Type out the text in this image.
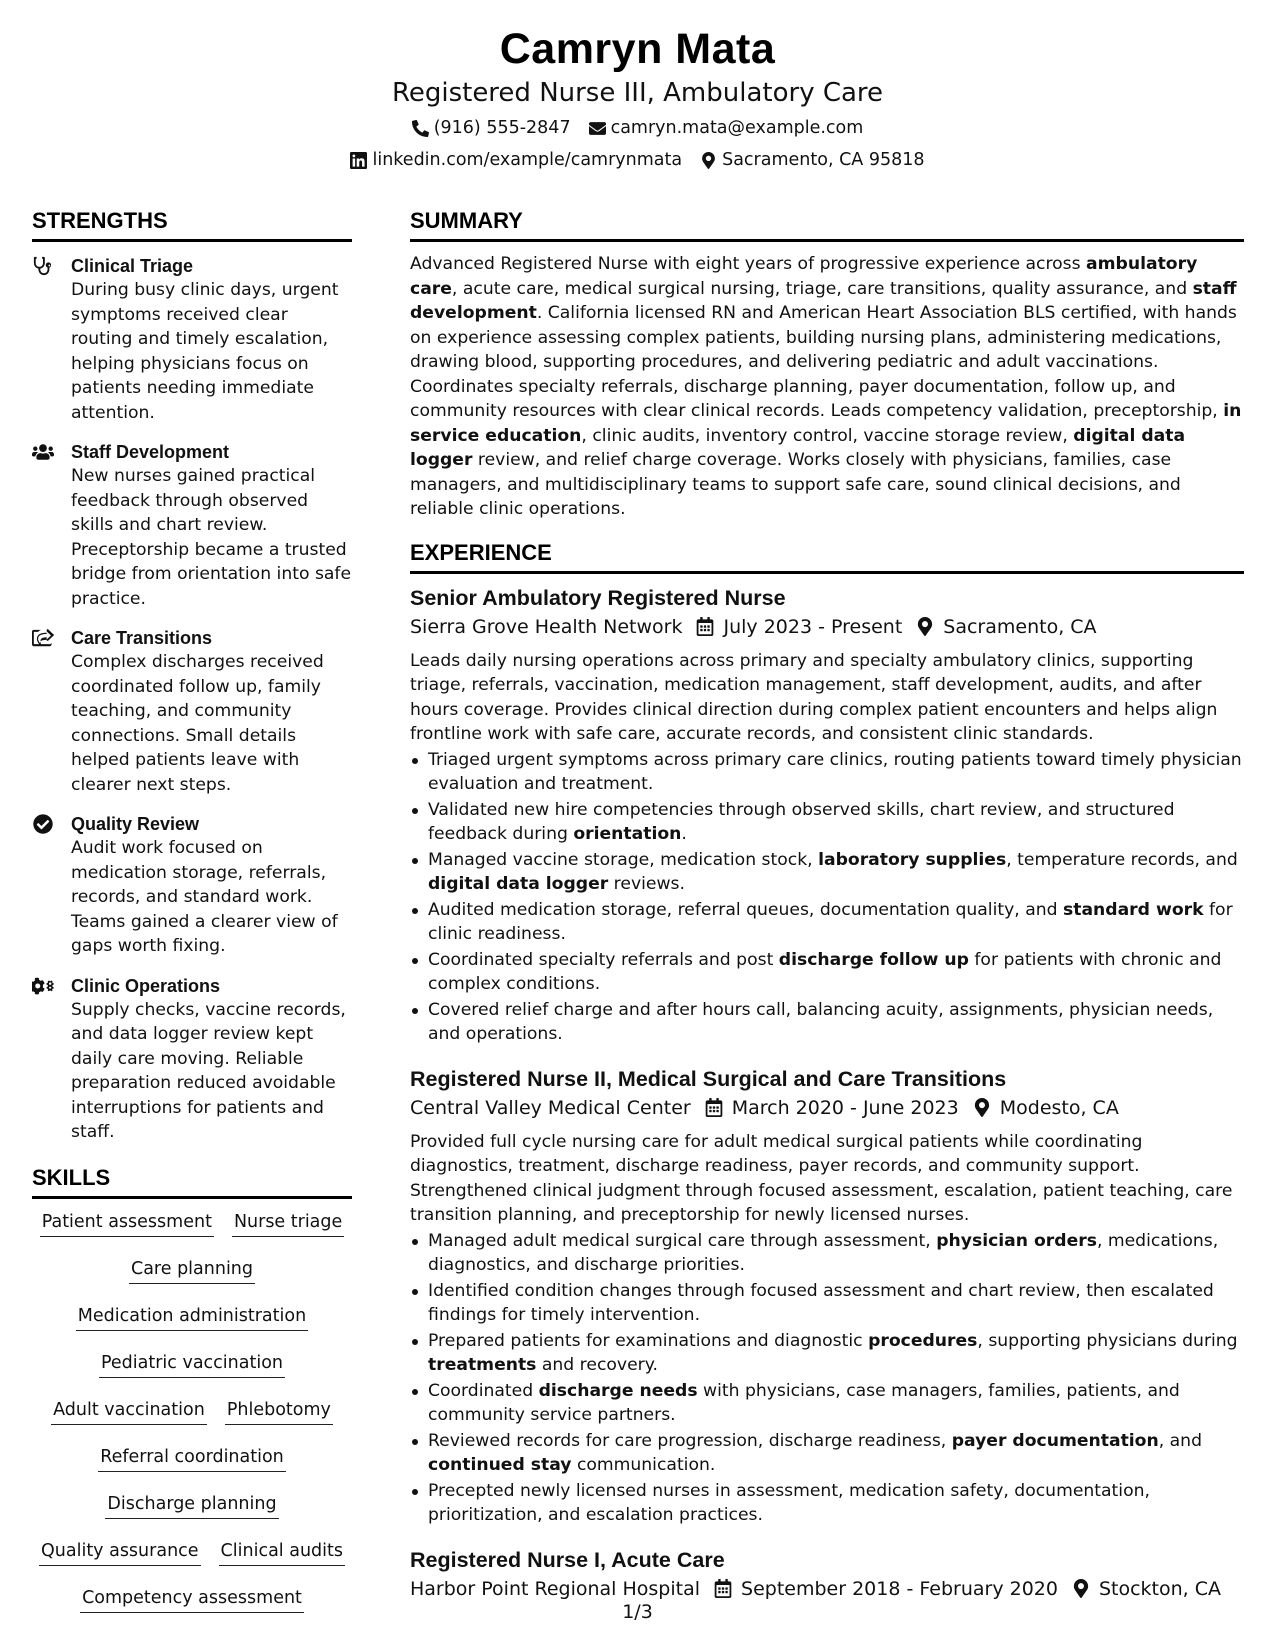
Camryn Mata
Registered Nurse III, Ambulatory Care
(916) 555-2847 camryn.mata@example.com
linkedin.com/example/camrynmata Sacramento, CA 95818
STRENGTHS
Clinical Triage
During busy clinic days, urgent symptoms received clear routing and timely escalation, helping physicians focus on patients needing immediate attention.
Staff Development
New nurses gained practical feedback through observed skills and chart review. Preceptorship became a trusted bridge from orientation into safe practice.
Care Transitions
Complex discharges received coordinated follow up, family teaching, and community connections. Small details helped patients leave with clearer next steps.
Quality Review
Audit work focused on medication storage, referrals, records, and standard work. Teams gained a clearer view of gaps worth fixing.
Clinic Operations
Supply checks, vaccine records, and data logger review kept daily care moving. Reliable preparation reduced avoidable interruptions for patients and staff.
SKILLS
Patient assessment Nurse triage
Care planning
Medication administration
Pediatric vaccination
Adult vaccination Phlebotomy
Referral coordination
Discharge planning
Quality assurance Clinical audits
Competency assessment
SUMMARY

Advanced Registered Nurse with eight years of progressive experience across ambulatory care, acute care, medical surgical nursing, triage, care transitions, quality assurance, and staff development. California licensed RN and American Heart Association BLS certified, with hands on experience assessing complex patients, building nursing plans, administering medications, drawing blood, supporting procedures, and delivering pediatric and adult vaccinations. Coordinates specialty referrals, discharge planning, payer documentation, follow up, and community resources with clear clinical records. Leads competency validation, preceptorship, in service education, clinic audits, inventory control, vaccine storage review, digital data logger review, and relief charge coverage. Works closely with physicians, families, case managers, and multidisciplinary teams to support safe care, sound clinical decisions, and reliable clinic operations.

EXPERIENCE
Senior Ambulatory Registered Nurse
Sierra Grove Health Network July 2023 - Present Sacramento, CA

Leads daily nursing operations across primary and specialty ambulatory clinics, supporting triage, referrals, vaccination, medication management, staff development, audits, and after hours coverage. Provides clinical direction during complex patient encounters and helps align frontline work with safe care, accurate records, and consistent clinic standards.

Triaged urgent symptoms across primary care clinics, routing patients toward timely physician evaluation and treatment.
Validated new hire competencies through observed skills, chart review, and structured feedback during orientation.
Managed vaccine storage, medication stock, laboratory supplies, temperature records, and digital data logger reviews.
Audited medication storage, referral queues, documentation quality, and standard work for clinic readiness.
Coordinated specialty referrals and post discharge follow up for patients with chronic and complex conditions.
Covered relief charge and after hours call, balancing acuity, assignments, physician needs, and operations.
Registered Nurse II, Medical Surgical and Care Transitions
Central Valley Medical Center March 2020 - June 2023 Modesto, CA

Provided full cycle nursing care for adult medical surgical patients while coordinating diagnostics, treatment, discharge readiness, payer records, and community support. Strengthened clinical judgment through focused assessment, escalation, patient teaching, care transition planning, and preceptorship for newly licensed nurses.

Managed adult medical surgical care through assessment, physician orders, medications, diagnostics, and discharge priorities.
Identified condition changes through focused assessment and chart review, then escalated findings for timely intervention.
Prepared patients for examinations and diagnostic procedures, supporting physicians during treatments and recovery.
Coordinated discharge needs with physicians, case managers, families, patients, and community service partners.
Reviewed records for care progression, discharge readiness, payer documentation, and continued stay communication.
Precepted newly licensed nurses in assessment, medication safety, documentation, prioritization, and escalation practices.
Registered Nurse I, Acute Care
Harbor Point Regional Hospital September 2018 - February 2020 Stockton, CA
1/3
